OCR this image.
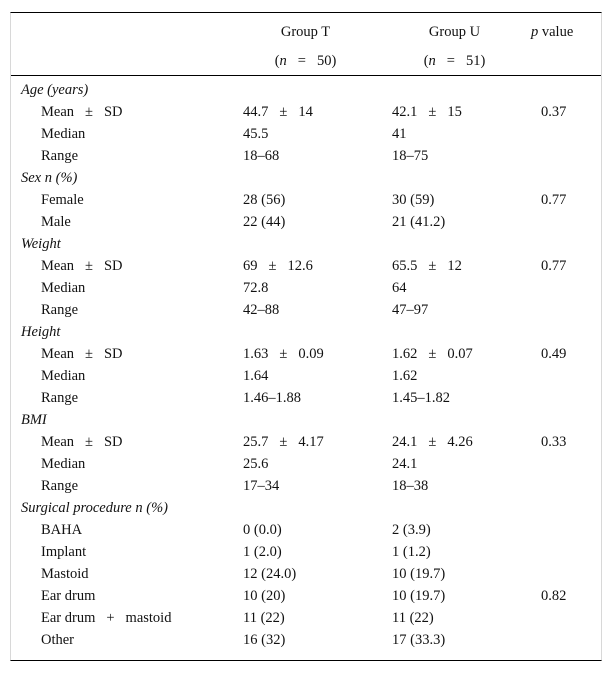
	Group T	Group U	p value
	(n = 50)	(n = 51)	
Age (years)			
Mean ± SD	44.7 ± 14	42.1 ± 15	0.37
Median	45.5	41	
Range	18–68	18–75	
Sex n (%)			
Female	28 (56)	30 (59)	0.77
Male	22 (44)	21 (41.2)	
Weight			
Mean ± SD	69 ± 12.6	65.5 ± 12	0.77
Median	72.8	64	
Range	42–88	47–97	
Height			
Mean ± SD	1.63 ± 0.09	1.62 ± 0.07	0.49
Median	1.64	1.62	
Range	1.46–1.88	1.45–1.82	
BMI			
Mean ± SD	25.7 ± 4.17	24.1 ± 4.26	0.33
Median	25.6	24.1	
Range	17–34	18–38	
Surgical procedure n (%)			
BAHA	0 (0.0)	2 (3.9)	
Implant	1 (2.0)	1 (1.2)	
Mastoid	12 (24.0)	10 (19.7)	
Ear drum	10 (20)	10 (19.7)	0.82
Ear drum + mastoid	11 (22)	11 (22)	
Other	16 (32)	17 (33.3)	
